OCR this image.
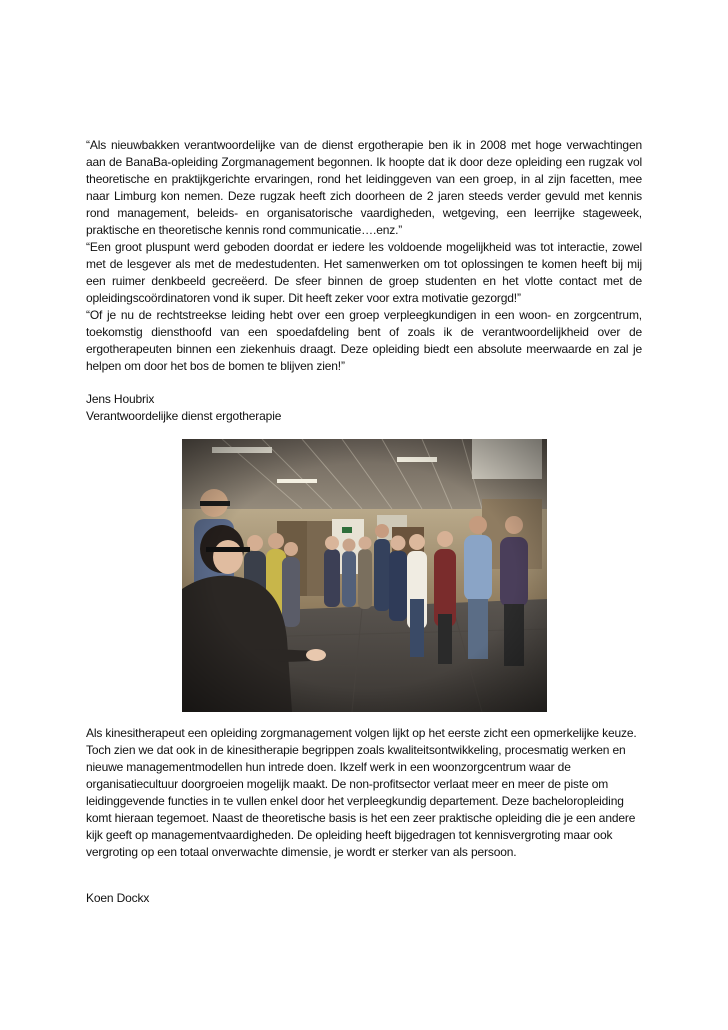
“Als nieuwbakken verantwoordelijke van de dienst ergotherapie ben ik in 2008 met hoge verwachtingen aan de BanaBa-opleiding Zorgmanagement begonnen. Ik hoopte dat ik door deze opleiding een rugzak vol theoretische en praktijkgerichte ervaringen, rond het leidinggeven van een groep, in al zijn facetten, mee naar Limburg kon nemen. Deze rugzak heeft zich doorheen de 2 jaren steeds verder gevuld met kennis rond management, beleids- en organisatorische vaardigheden, wetgeving, een leerrijke stageweek, praktische en theoretische kennis rond communicatie….enz.”

“Een groot pluspunt werd geboden doordat er iedere les voldoende mogelijkheid was tot interactie, zowel met de lesgever als met de medestudenten. Het samenwerken om tot oplossingen te komen heeft bij mij een ruimer denkbeeld gecreëerd. De sfeer binnen de groep studenten en het vlotte contact met de opleidingscoördinatoren vond ik super. Dit heeft zeker voor extra motivatie gezorgd!”

“Of je nu de rechtstreekse leiding hebt over een groep verpleegkundigen in een woon- en zorgcentrum, toekomstig diensthoofd van een spoedafdeling bent of zoals ik de verantwoordelijkheid over de ergotherapeuten binnen een ziekenhuis draagt. Deze opleiding biedt een absolute meerwaarde en zal je helpen om door het bos de bomen te blijven zien!”

Jens Houbrix
Verantwoordelijke dienst ergotherapie

Als kinesitherapeut een opleiding zorgmanagement volgen lijkt op het eerste zicht een opmerkelijke keuze. Toch zien we dat ook in de kinesitherapie begrippen zoals kwaliteitsontwikkeling, procesmatig werken en nieuwe managementmodellen hun intrede doen. Ikzelf werk in een woonzorgcentrum waar de organisatiecultuur doorgroeien mogelijk maakt. De non-profitsector verlaat meer en meer de piste om leidinggevende functies in te vullen enkel door het verpleegkundig departement. Deze bacheloropleiding komt hieraan tegemoet. Naast de theoretische basis is het een zeer praktische opleiding die je een andere kijk geeft op managementvaardigheden. De opleiding heeft bijgedragen tot kennisvergroting maar ook vergroting op een totaal onverwachte dimensie, je wordt er sterker van als persoon.

Koen Dockx
